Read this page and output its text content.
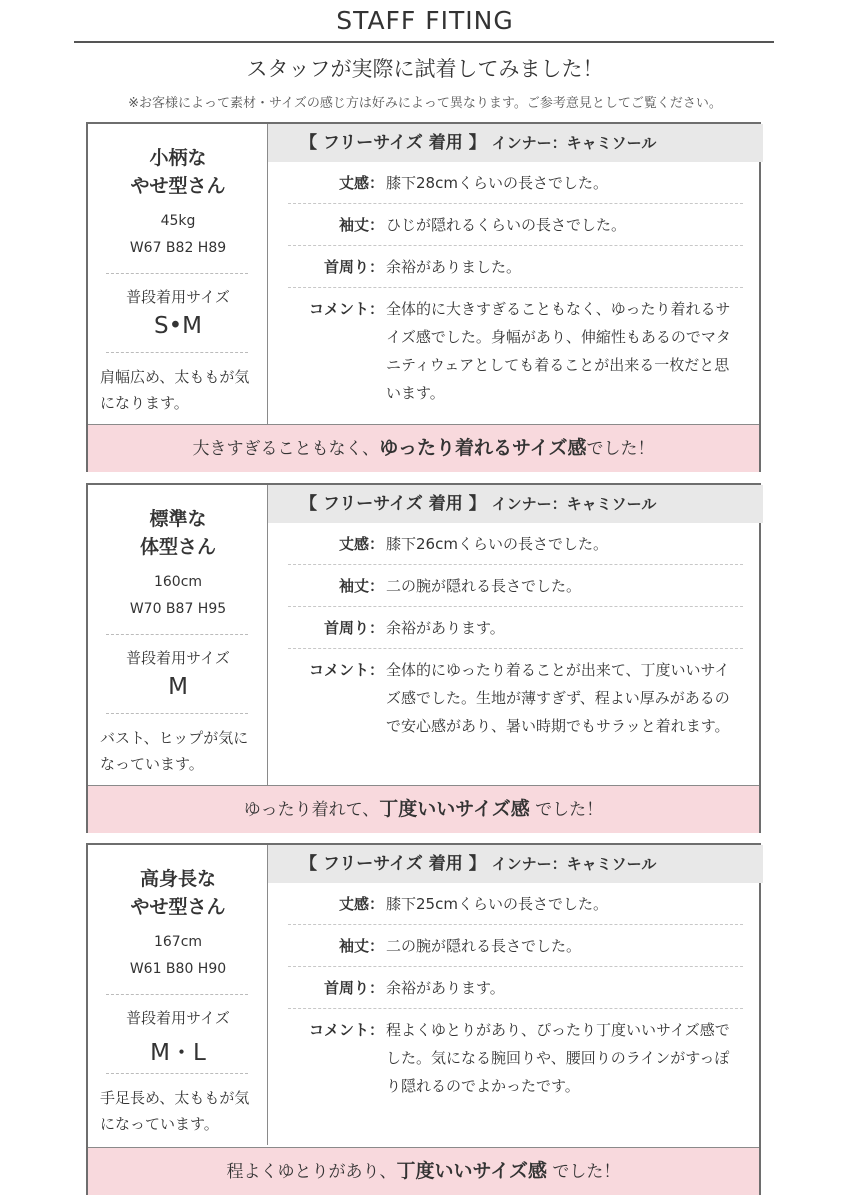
STAFF FITING
スタッフが実際に試着してみました！
※お客様によって素材・サイズの感じ方は好みによって異なります。ご参考意見としてご覧ください。
小柄な
やせ型さん
45kg
W67 B82 H89
普段着用サイズ
S•M
肩幅広め、太ももが気になります。
【 フリーサイズ 着用 】 インナー：キャミソール
丈感： 膝下28cmくらいの長さでした。
袖丈： ひじが隠れるくらいの長さでした。
首周り： 余裕がありました。
コメント： 全体的に大きすぎることもなく、ゆったり着れるサイズ感でした。身幅があり、伸縮性もあるのでマタニティウェアとしても着ることが出来る一枚だと思います。
大きすぎることもなく、ゆったり着れるサイズ感でした！
標準な
体型さん
160cm
W70 B87 H95
普段着用サイズ
M
バスト、ヒップが気になっています。
【 フリーサイズ 着用 】 インナー：キャミソール
丈感： 膝下26cmくらいの長さでした。
袖丈： 二の腕が隠れる長さでした。
首周り： 余裕があります。
コメント： 全体的にゆったり着ることが出来て、丁度いいサイズ感でした。生地が薄すぎず、程よい厚みがあるので安心感があり、暑い時期でもサラッと着れます。
ゆったり着れて、丁度いいサイズ感 でした！
高身長な
やせ型さん
167cm
W61 B80 H90
普段着用サイズ
M・L
手足長め、太ももが気になっています。
【 フリーサイズ 着用 】 インナー：キャミソール
丈感： 膝下25cmくらいの長さでした。
袖丈： 二の腕が隠れる長さでした。
首周り： 余裕があります。
コメント： 程よくゆとりがあり、ぴったり丁度いいサイズ感でした。気になる腕回りや、腰回りのラインがすっぽり隠れるのでよかったです。
程よくゆとりがあり、丁度いいサイズ感 でした！
